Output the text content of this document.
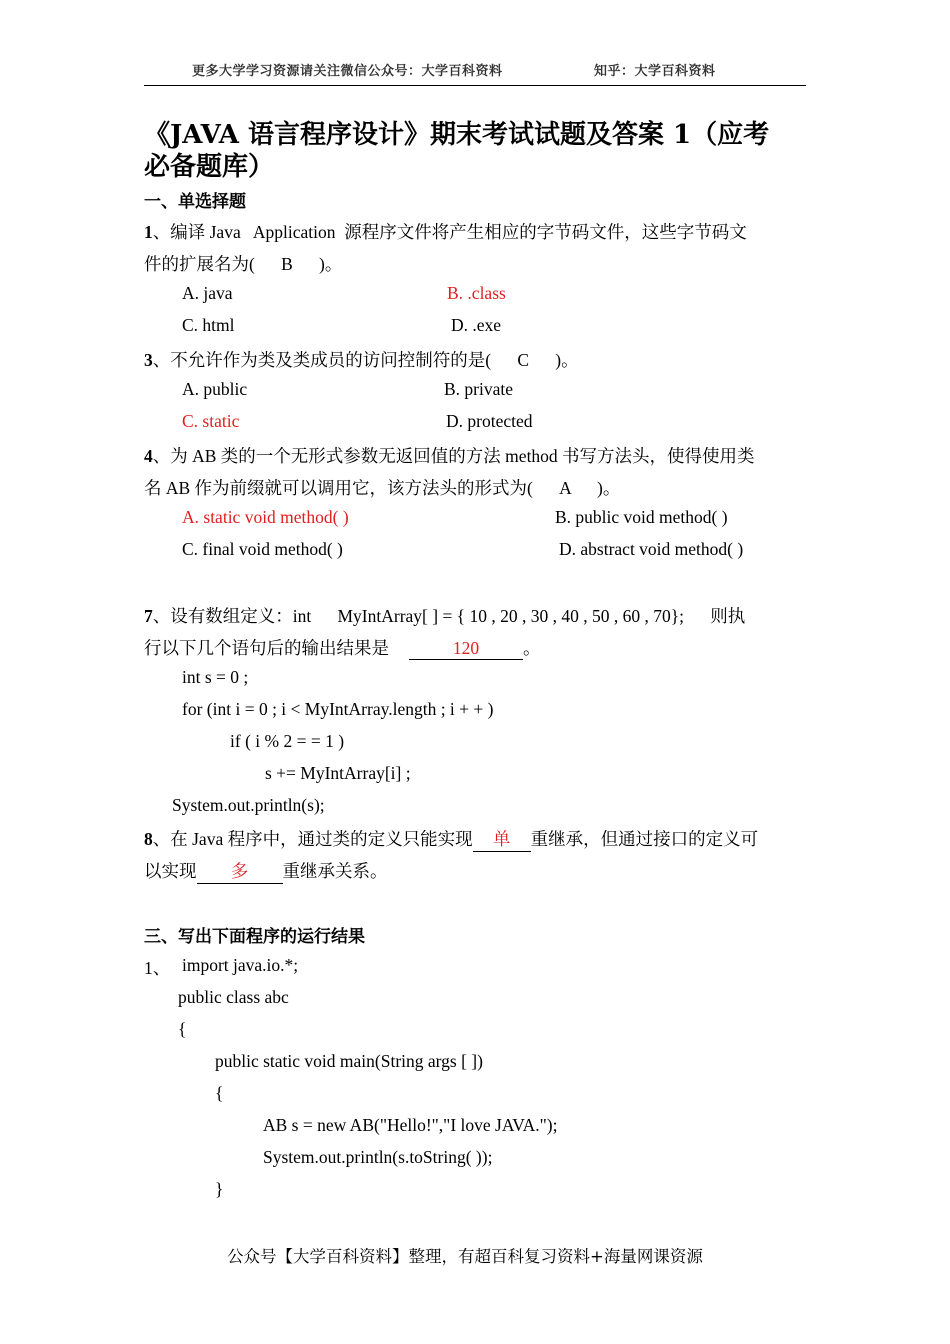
更多大学学习资源请关注微信公众号：大学百科资料	知乎：大学百科资料
《JAVA 语言程序设计》期末考试试题及答案 1（应考
必备题库）
一、单选择题
1、编译 Java   Application  源程序文件将产生相应的字节码文件，这些字节码文
件的扩展名为(      B      )。
A. java	B. .class
C. html	D. .exe
3、不允许作为类及类成员的访问控制符的是(      C      )。
A. public	B. private
C. static	D. protected
4、为 AB 类的一个无形式参数无返回值的方法 method 书写方法头，使得使用类
名 AB 作为前缀就可以调用它，该方法头的形式为(      A      )。
A. static void method( )	B. public void method( )
C. final void method( )	D. abstract void method( )
7、设有数组定义：int      MyIntArray[ ] = { 10 , 20 , 30 , 40 , 50 , 60 , 70};      则执
行以下几个语句后的输出结果是	120	。
int s = 0 ;
for (int i = 0 ; i < MyIntArray.length ; i + + )
if ( i % 2 = = 1 )
s += MyIntArray[i] ;
System.out.println(s);
8、在 Java 程序中，通过类的定义只能实现 单 重继承，但通过接口的定义可
以实现 多 重继承关系。
三、写出下面程序的运行结果
1、 import java.io.*;
public class abc
{
public static void main(String args [ ])
{
AB s = new AB("Hello!","I love JAVA.");
System.out.println(s.toString( ));
}
公众号【大学百科资料】整理，有超百科复习资料+海量网课资源
